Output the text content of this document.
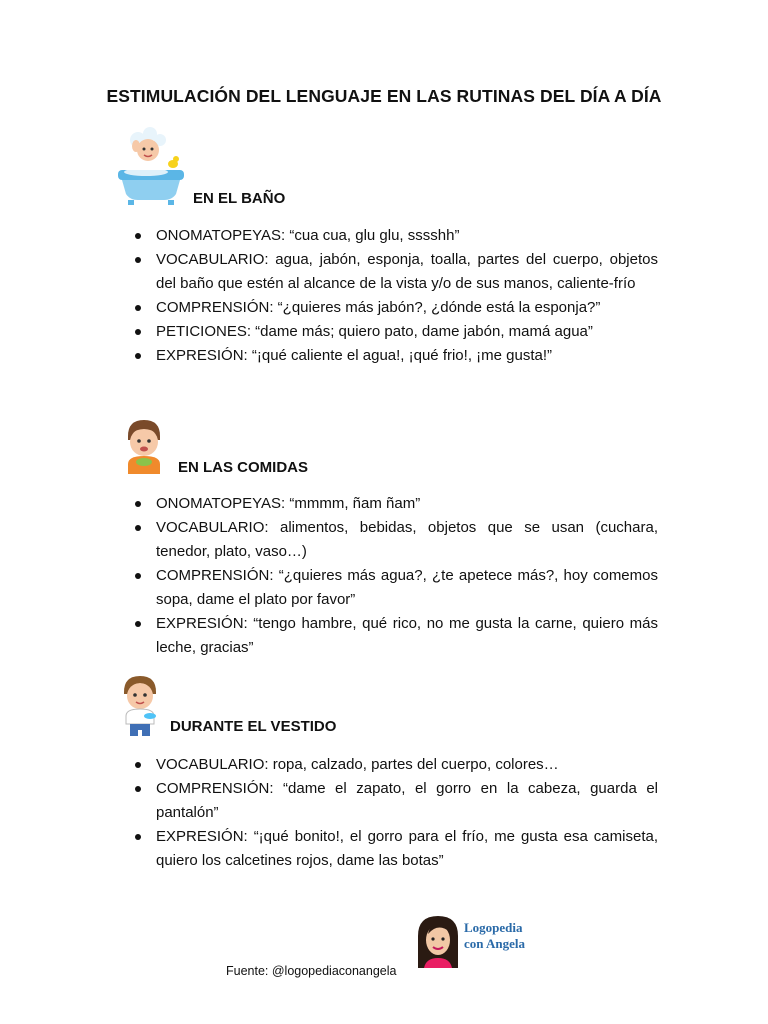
ESTIMULACIÓN DEL LENGUAJE EN LAS RUTINAS DEL DÍA A DÍA
EN EL BAÑO
ONOMATOPEYAS: “cua cua, glu glu, sssshh”
VOCABULARIO: agua, jabón, esponja, toalla, partes del cuerpo, objetos del baño que estén al alcance de la vista y/o de sus manos, caliente-frío
COMPRENSIÓN: “¿quieres más jabón?, ¿dónde está la esponja?”
PETICIONES: “dame más; quiero pato, dame jabón, mamá agua”
EXPRESIÓN: “¡qué caliente el agua!, ¡qué frio!, ¡me gusta!”
EN LAS COMIDAS
ONOMATOPEYAS: “mmmm, ñam ñam”
VOCABULARIO: alimentos, bebidas, objetos que se usan (cuchara, tenedor, plato, vaso…)
COMPRENSIÓN: “¿quieres más agua?, ¿te apetece más?, hoy comemos sopa, dame el plato por favor”
EXPRESIÓN: “tengo hambre, qué rico, no me gusta la carne, quiero más leche, gracias”
DURANTE EL VESTIDO
VOCABULARIO: ropa, calzado, partes del cuerpo, colores…
COMPRENSIÓN: “dame el zapato, el gorro en la cabeza, guarda el pantalón”
EXPRESIÓN: “¡qué bonito!, el gorro para el frío, me gusta esa camiseta, quiero los calcetines rojos, dame las botas”
Logopedia
con Angela
Fuente: @logopediaconangela
